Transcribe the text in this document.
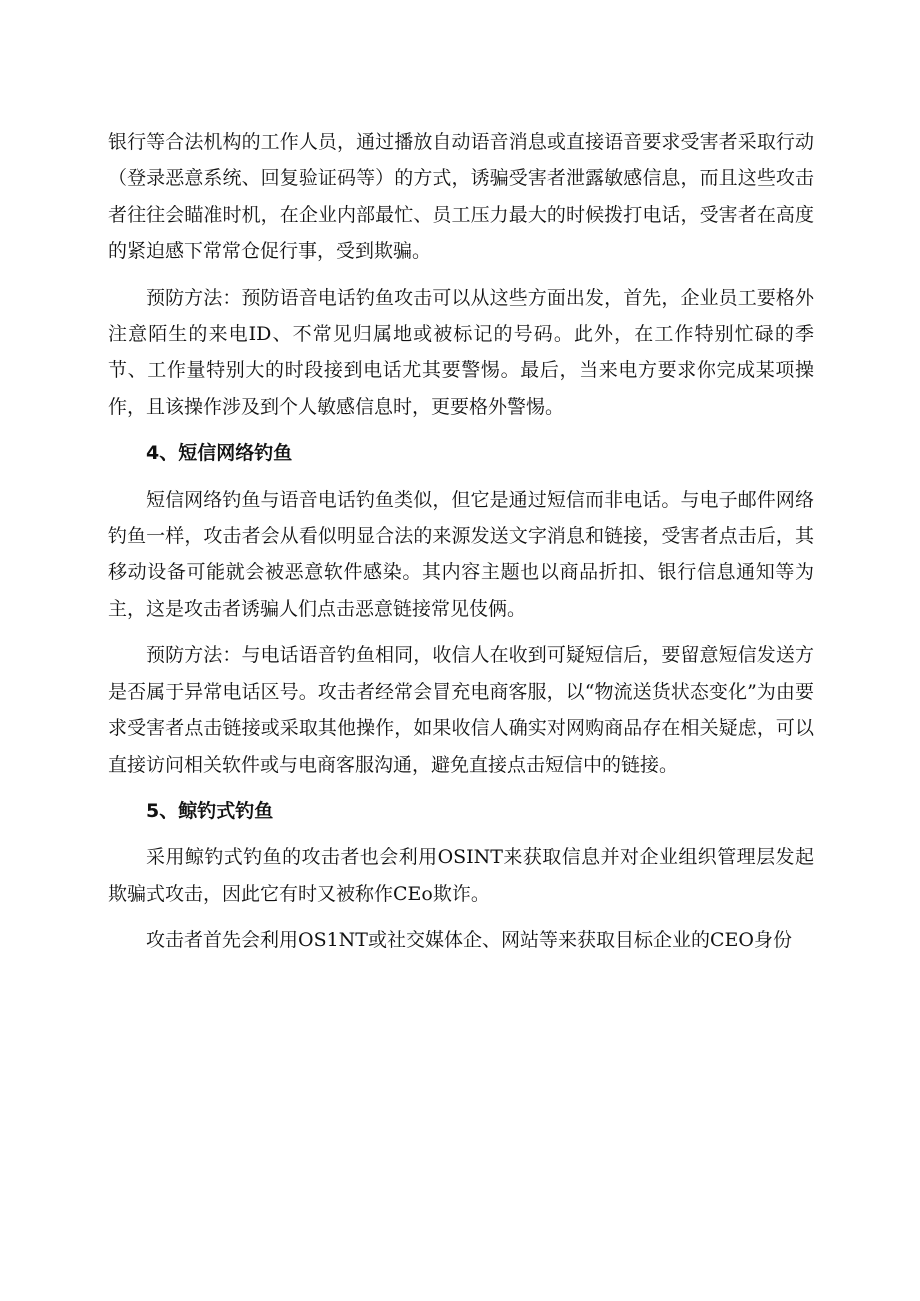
银行等合法机构的工作人员，通过播放自动语音消息或直接语音要求受害者采取行动（登录恶意系统、回复验证码等）的方式，诱骗受害者泄露敏感信息，而且这些攻击者往往会瞄准时机，在企业内部最忙、员工压力最大的时候拨打电话，受害者在高度的紧迫感下常常仓促行事，受到欺骗。

预防方法：预防语音电话钓鱼攻击可以从这些方面出发，首先，企业员工要格外注意陌生的来电ID、不常见归属地或被标记的号码。此外，在工作特别忙碌的季节、工作量特别大的时段接到电话尤其要警惕。最后，当来电方要求你完成某项操作，且该操作涉及到个人敏感信息时，更要格外警惕。

4、短信网络钓鱼

短信网络钓鱼与语音电话钓鱼类似，但它是通过短信而非电话。与电子邮件网络钓鱼一样，攻击者会从看似明显合法的来源发送文字消息和链接，受害者点击后，其移动设备可能就会被恶意软件感染。其内容主题也以商品折扣、银行信息通知等为主，这是攻击者诱骗人们点击恶意链接常见伎俩。

预防方法：与电话语音钓鱼相同，收信人在收到可疑短信后，要留意短信发送方是否属于异常电话区号。攻击者经常会冒充电商客服，以“物流送货状态变化”为由要求受害者点击链接或采取其他操作，如果收信人确实对网购商品存在相关疑虑，可以直接访问相关软件或与电商客服沟通，避免直接点击短信中的链接。

5、鲸钓式钓鱼

采用鲸钓式钓鱼的攻击者也会利用OSINT来获取信息并对企业组织管理层发起欺骗式攻击，因此它有时又被称作CEo欺诈。

攻击者首先会利用OS1NT或社交媒体企、网站等来获取目标企业的CEO身份
